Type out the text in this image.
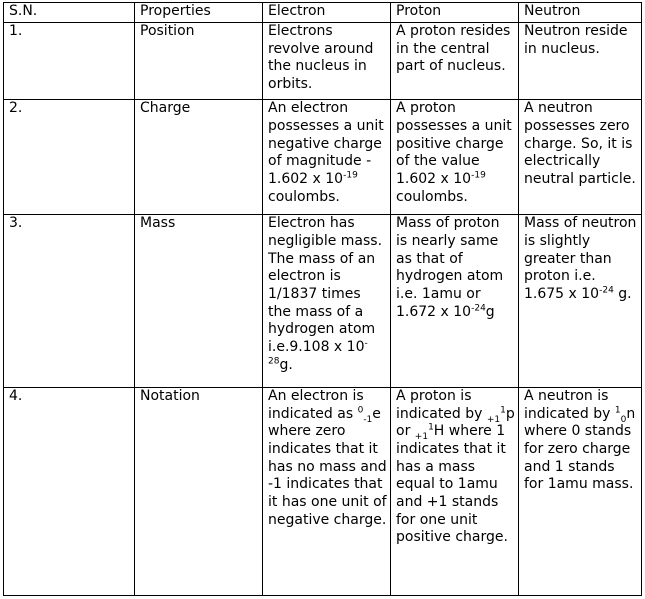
S.N.	Properties	Electron	Proton	Neutron
1.	Position	Electrons revolve around the nucleus in orbits.	A proton resides in the central part of nucleus.	Neutron reside in nucleus.
2.	Charge	An electron possesses a unit negative charge of magnitude - 1.602 x $10^{-19}$ coulombs.	A proton possesses a unit positive charge of the value 1.602 x $10^{-19}$ coulombs.	A neutron possesses zero charge. So, it is electrically neutral particle.
3.	Mass	Electron has negligible mass. The mass of an electron is 1/1837 times the mass of a hydrogen atom i.e.9.108 x $10^{-28}g$.	Mass of proton is nearly same as that of hydrogen atom i.e. 1amu or 1.672 x $10^{-24}g$	Mass of neutron is slightly greater than proton i.e. 1.675 x $10^{-24}$ g.
4.	Notation	An electron is indicated as $^0_{-1}$e where zero indicates that it has no mass and -1 indicates that it has one unit of negative charge.	A proton is indicated by $_{+1}^1$p or $_{+1}^1$H where 1 indicates that it has a mass equal to 1amu and +1 stands for one unit positive charge.	A neutron is indicated by $^1_0$n where 0 stands for zero charge and 1 stands for 1amu mass.
